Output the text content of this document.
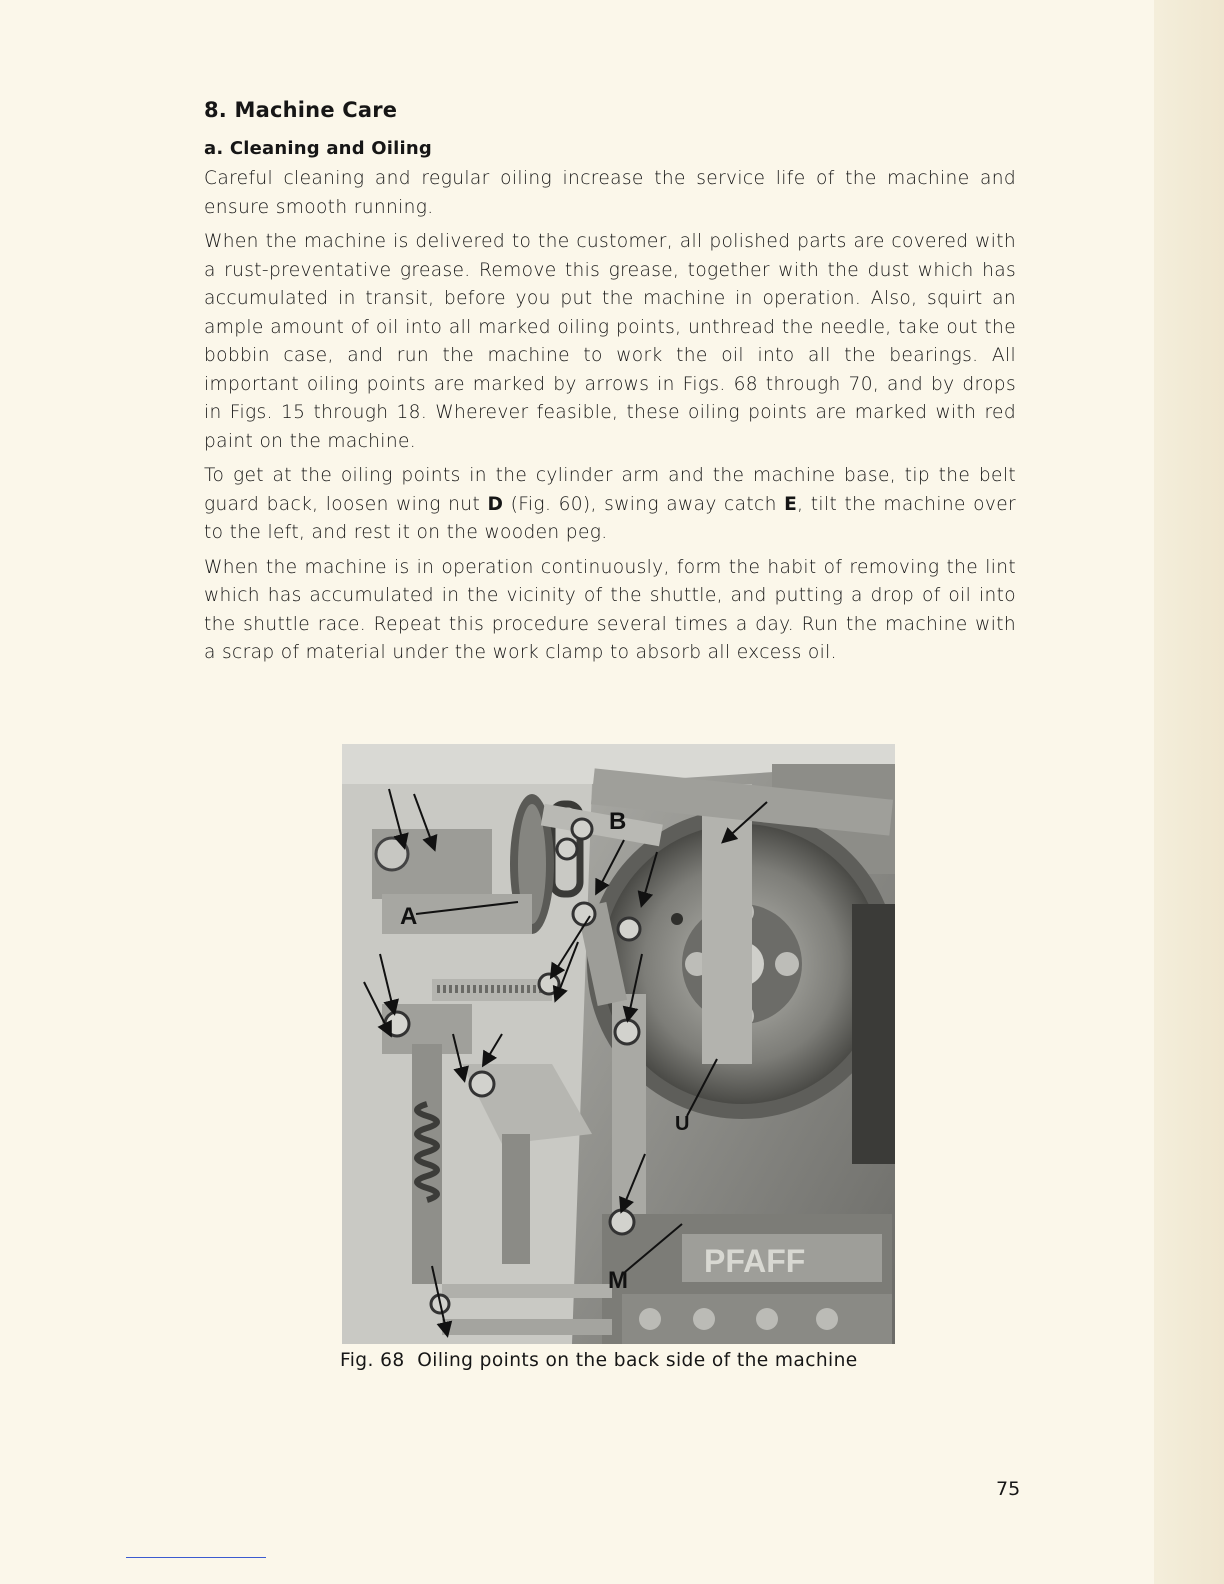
8. Machine Care
a. Cleaning and Oiling

Careful cleaning and regular oiling increase the service life of the machine and ensure smooth running.

When the machine is delivered to the customer, all polished parts are covered with a rust-preventative grease. Remove this grease, together with the dust which has accumulated in transit, before you put the machine in operation. Also, squirt an ample amount of oil into all marked oiling points, unthread the needle, take out the bobbin case, and run the machine to work the oil into all the bearings. All important oiling points are marked by arrows in Figs. 68 through 70, and by drops in Figs. 15 through 18. Wherever feasible, these oiling points are marked with red paint on the machine.

To get at the oiling points in the cylinder arm and the machine base, tip the belt guard back, loosen wing nut D (Fig. 60), swing away catch E, tilt the machine over to the left, and rest it on the wooden peg.

When the machine is in operation continuously, form the habit of removing the lint which has accumulated in the vicinity of the shuttle, and putting a drop of oil into the shuttle race. Repeat this procedure several times a day. Run the machine with a scrap of material under the work clamp to absorb all excess oil.

PFAFF
A
B
U
M
Fig. 68 Oiling points on the back side of the machine
75
